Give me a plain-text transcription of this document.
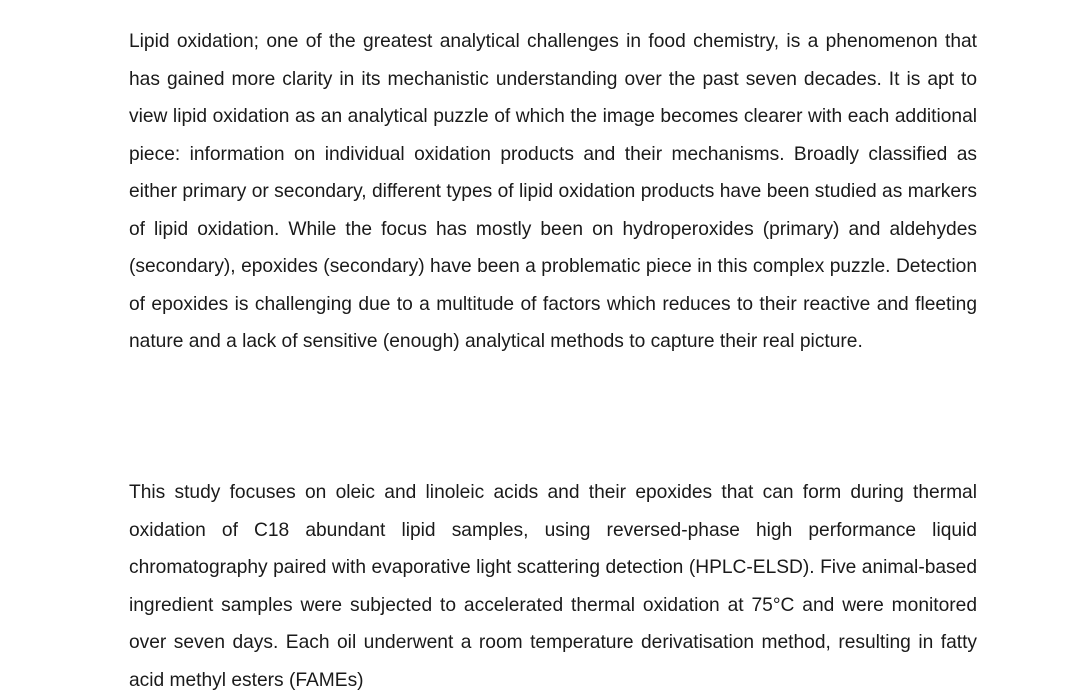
Lipid oxidation; one of the greatest analytical challenges in food chemistry, is a phenomenon that has gained more clarity in its mechanistic understanding over the past seven decades. It is apt to view lipid oxidation as an analytical puzzle of which the image becomes clearer with each additional piece: information on individual oxidation products and their mechanisms. Broadly classified as either primary or secondary, different types of lipid oxidation products have been studied as markers of lipid oxidation. While the focus has mostly been on hydroperoxides (primary) and aldehydes (secondary), epoxides (secondary) have been a problematic piece in this complex puzzle. Detection of epoxides is challenging due to a multitude of factors which reduces to their reactive and fleeting nature and a lack of sensitive (enough) analytical methods to capture their real picture.

This study focuses on oleic and linoleic acids and their epoxides that can form during thermal oxidation of C18 abundant lipid samples, using reversed-phase high performance liquid chromatography paired with evaporative light scattering detection (HPLC-ELSD). Five animal-based ingredient samples were subjected to accelerated thermal oxidation at 75°C and were monitored over seven days. Each oil underwent a room temperature derivatisation method, resulting in fatty acid methyl esters (FAMEs)
